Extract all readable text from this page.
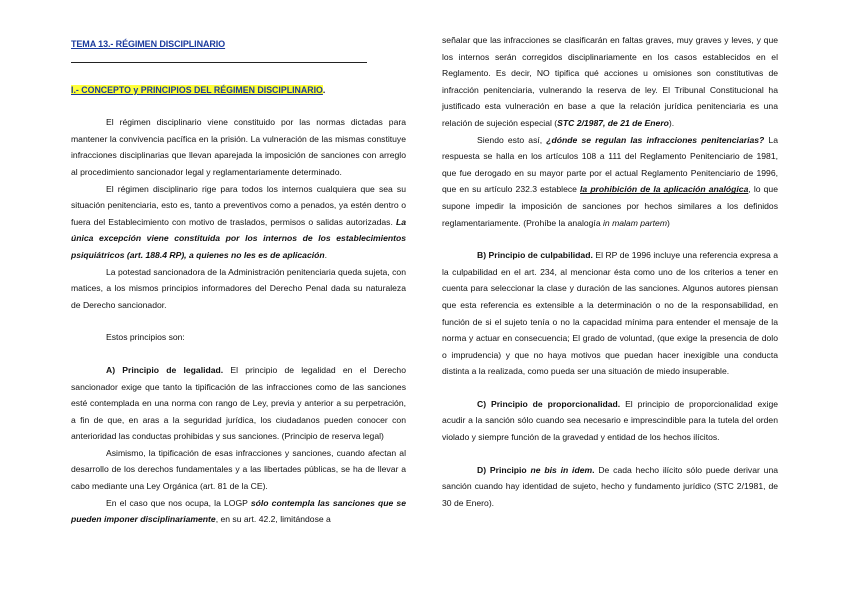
TEMA 13.- RÉGIMEN DISCIPLINARIO
I.- CONCEPTO y PRINCIPIOS DEL RÉGIMEN DISCIPLINARIO.

El régimen disciplinario viene constituido por las normas dictadas para mantener la convivencia pacífica en la prisión. La vulneración de las mismas constituye infracciones disciplinarias que llevan aparejada la imposición de sanciones con arreglo al procedimiento sancionador legal y reglamentariamente determinado.

El régimen disciplinario rige para todos los internos cualquiera que sea su situación penitenciaria, esto es, tanto a preventivos como a penados, ya estén dentro o fuera del Establecimiento con motivo de traslados, permisos o salidas autorizadas. La única excepción viene constituida por los internos de los establecimientos psiquiátricos (art. 188.4 RP), a quienes no les es de aplicación.

La potestad sancionadora de la Administración penitenciaria queda sujeta, con matices, a los mismos principios informadores del Derecho Penal dada su naturaleza de Derecho sancionador.

Estos principios son:

A) Principio de legalidad. El principio de legalidad en el Derecho sancionador exige que tanto la tipificación de las infracciones como de las sanciones esté contemplada en una norma con rango de Ley, previa y anterior a su perpetración, a fin de que, en aras a la seguridad jurídica, los ciudadanos pueden conocer con anterioridad las conductas prohibidas y sus sanciones. (Principio de reserva legal)

Asimismo, la tipificación de esas infracciones y sanciones, cuando afectan al desarrollo de los derechos fundamentales y a las libertades públicas, se ha de llevar a cabo mediante una Ley Orgánica (art. 81 de la CE).

En el caso que nos ocupa, la LOGP sólo contempla las sanciones que se pueden imponer disciplinariamente, en su art. 42.2, limitándose a

señalar que las infracciones se clasificarán en faltas graves, muy graves y leves, y que los internos serán corregidos disciplinariamente en los casos establecidos en el Reglamento. Es decir, NO tipifica qué acciones u omisiones son constitutivas de infracción penitenciaria, vulnerando la reserva de ley. El Tribunal Constitucional ha justificado esta vulneración en base a que la relación jurídica penitenciaria es una relación de sujeción especial (STC 2/1987, de 21 de Enero).

Siendo esto así, ¿dónde se regulan las infracciones penitenciarias? La respuesta se halla en los artículos 108 a 111 del Reglamento Penitenciario de 1981, que fue derogado en su mayor parte por el actual Reglamento Penitenciario de 1996, que en su artículo 232.3 establece la prohibición de la aplicación analógica, lo que supone impedir la imposición de sanciones por hechos similares a los definidos reglamentariamente. (Prohíbe la analogía in malam partem)

B) Principio de culpabilidad. El RP de 1996 incluye una referencia expresa a la culpabilidad en el art. 234, al mencionar ésta como uno de los criterios a tener en cuenta para seleccionar la clase y duración de las sanciones. Algunos autores piensan que esta referencia es extensible a la determinación o no de la responsabilidad, en función de si el sujeto tenía o no la capacidad mínima para entender el mensaje de la norma y actuar en consecuencia; El grado de voluntad, (que exige la presencia de dolo o imprudencia) y que no haya motivos que puedan hacer inexigible una conducta distinta a la realizada, como pueda ser una situación de miedo insuperable.

C) Principio de proporcionalidad. El principio de proporcionalidad exige acudir a la sanción sólo cuando sea necesario e imprescindible para la tutela del orden violado y siempre función de la gravedad y entidad de los hechos ilícitos.

D) Principio ne bis in idem. De cada hecho ilícito sólo puede derivar una sanción cuando hay identidad de sujeto, hecho y fundamento jurídico (STC 2/1981, de 30 de Enero).
